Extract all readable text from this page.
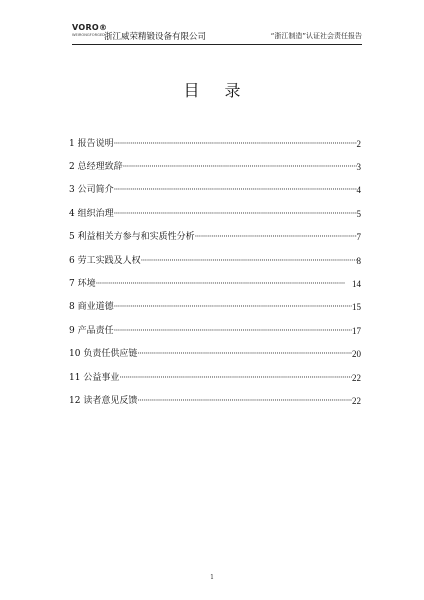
VORO®
WEIRONGFORGED 浙江威荣精锻设备有限公司	“浙江制造”认证社会责任报告
目 录
1 报告说明 ·····	2
2 总经理致辞 ·····	3
3 公司简介 ·····	4
4 组织治理 ·····	5
5 利益相关方参与和实质性分析 ·····	7
6 劳工实践及人权 ·····	8
7 环境 ·····	14
8 商业道德 ·····	15
9 产品责任 ·····	17
10 负责任供应链 ·····	20
11 公益事业 ·····	22
12 读者意见反馈 ·····	22
1
